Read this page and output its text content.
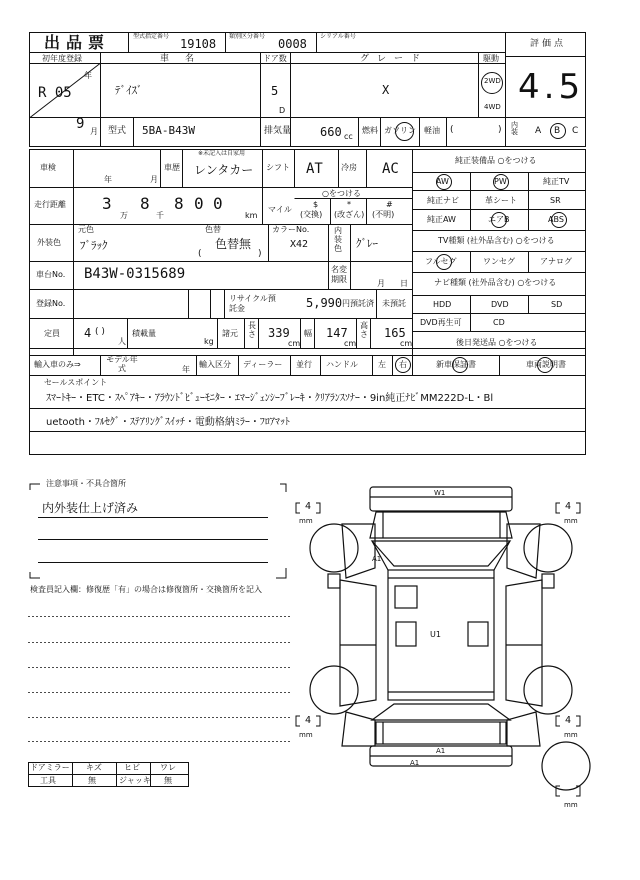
出品票	型式指定番号
19108
類別区分番号
0008
シリアル番号
評価点
4.5
初年度登録
年
R 05
9 月
車名
ﾃﾞｲｽﾞ
ドア数
5
D
グレード
X
駆動
2WD
4WD
型式 5BA-B43W	排気量 660 cc
燃料 ガソリン 軽油 (	) 内装	A B C
車検
年	月
※未記入は自家用
車歴 レンタカー シフト AT 冷房 AC
走行距離 3
万
8
千
8 0 0
km
マイル
○をつける
$
(交換)
*
(改ざん)
#
(不明)
元色
ﾌﾞﾗｯｸ
色替
色替無
(	)
カラーNo.
X42
内装色 ｸﾞﾚｰ
外装色
車台No. B43W-0315689	名変期限	月 日
登録No.
リサイクル預託金	5,990 円預託済 未預託
定員 4 ( )
人
積載量
kg
諸元
長さ 339
cm
幅 147
cm
高さ 165
cm
輸入車のみ⇒
モデル年式	年
輸入区分 ディーラー 並行 ハンドル	左 右
純正装備品 ○をつける
AW	PW	純正TV
純正ナビ	革シート	SR
純正AW	エアB	ABS
TV種類 (社外品含む) ○をつける
フルセグ	ワンセグ	アナログ
ナビ種類 (社外品含む) ○をつける
HDD	DVD	SD
DVD再生可	CD
後日発送品 ○をつける
新車保証書	車両説明書
セールスポイント
ｽﾏｰﾄｷｰ・ETC・ｽﾍﾟｱｷｰ・ｱﾗｳﾝﾄﾞﾋﾞｭｰﾓﾆﾀｰ・ｴﾏｰｼﾞｪﾝｼｰﾌﾞﾚｰｷ・ｸﾘｱﾗﾝｽｿﾅｰ・9in純正ﾅﾋﾞMM222D-L・Bl
uetooth・ﾌﾙｾｸﾞ・ｽﾃｱﾘﾝｸﾞｽｲｯﾁ・電動格納ﾐﾗｰ・ﾌﾛｱﾏｯﾄ
注意事項・不具合箇所
内外装仕上げ済み
検査員記入欄：修復歴「有」の場合は修復箇所・交換箇所を記入
ドアミラー キズ	ヒビ	ワレ
工具	無	ジャッキ 無
4
mm
4
mm
4
mm
4
mm
mm
W1
A1
U1
A1
A1
